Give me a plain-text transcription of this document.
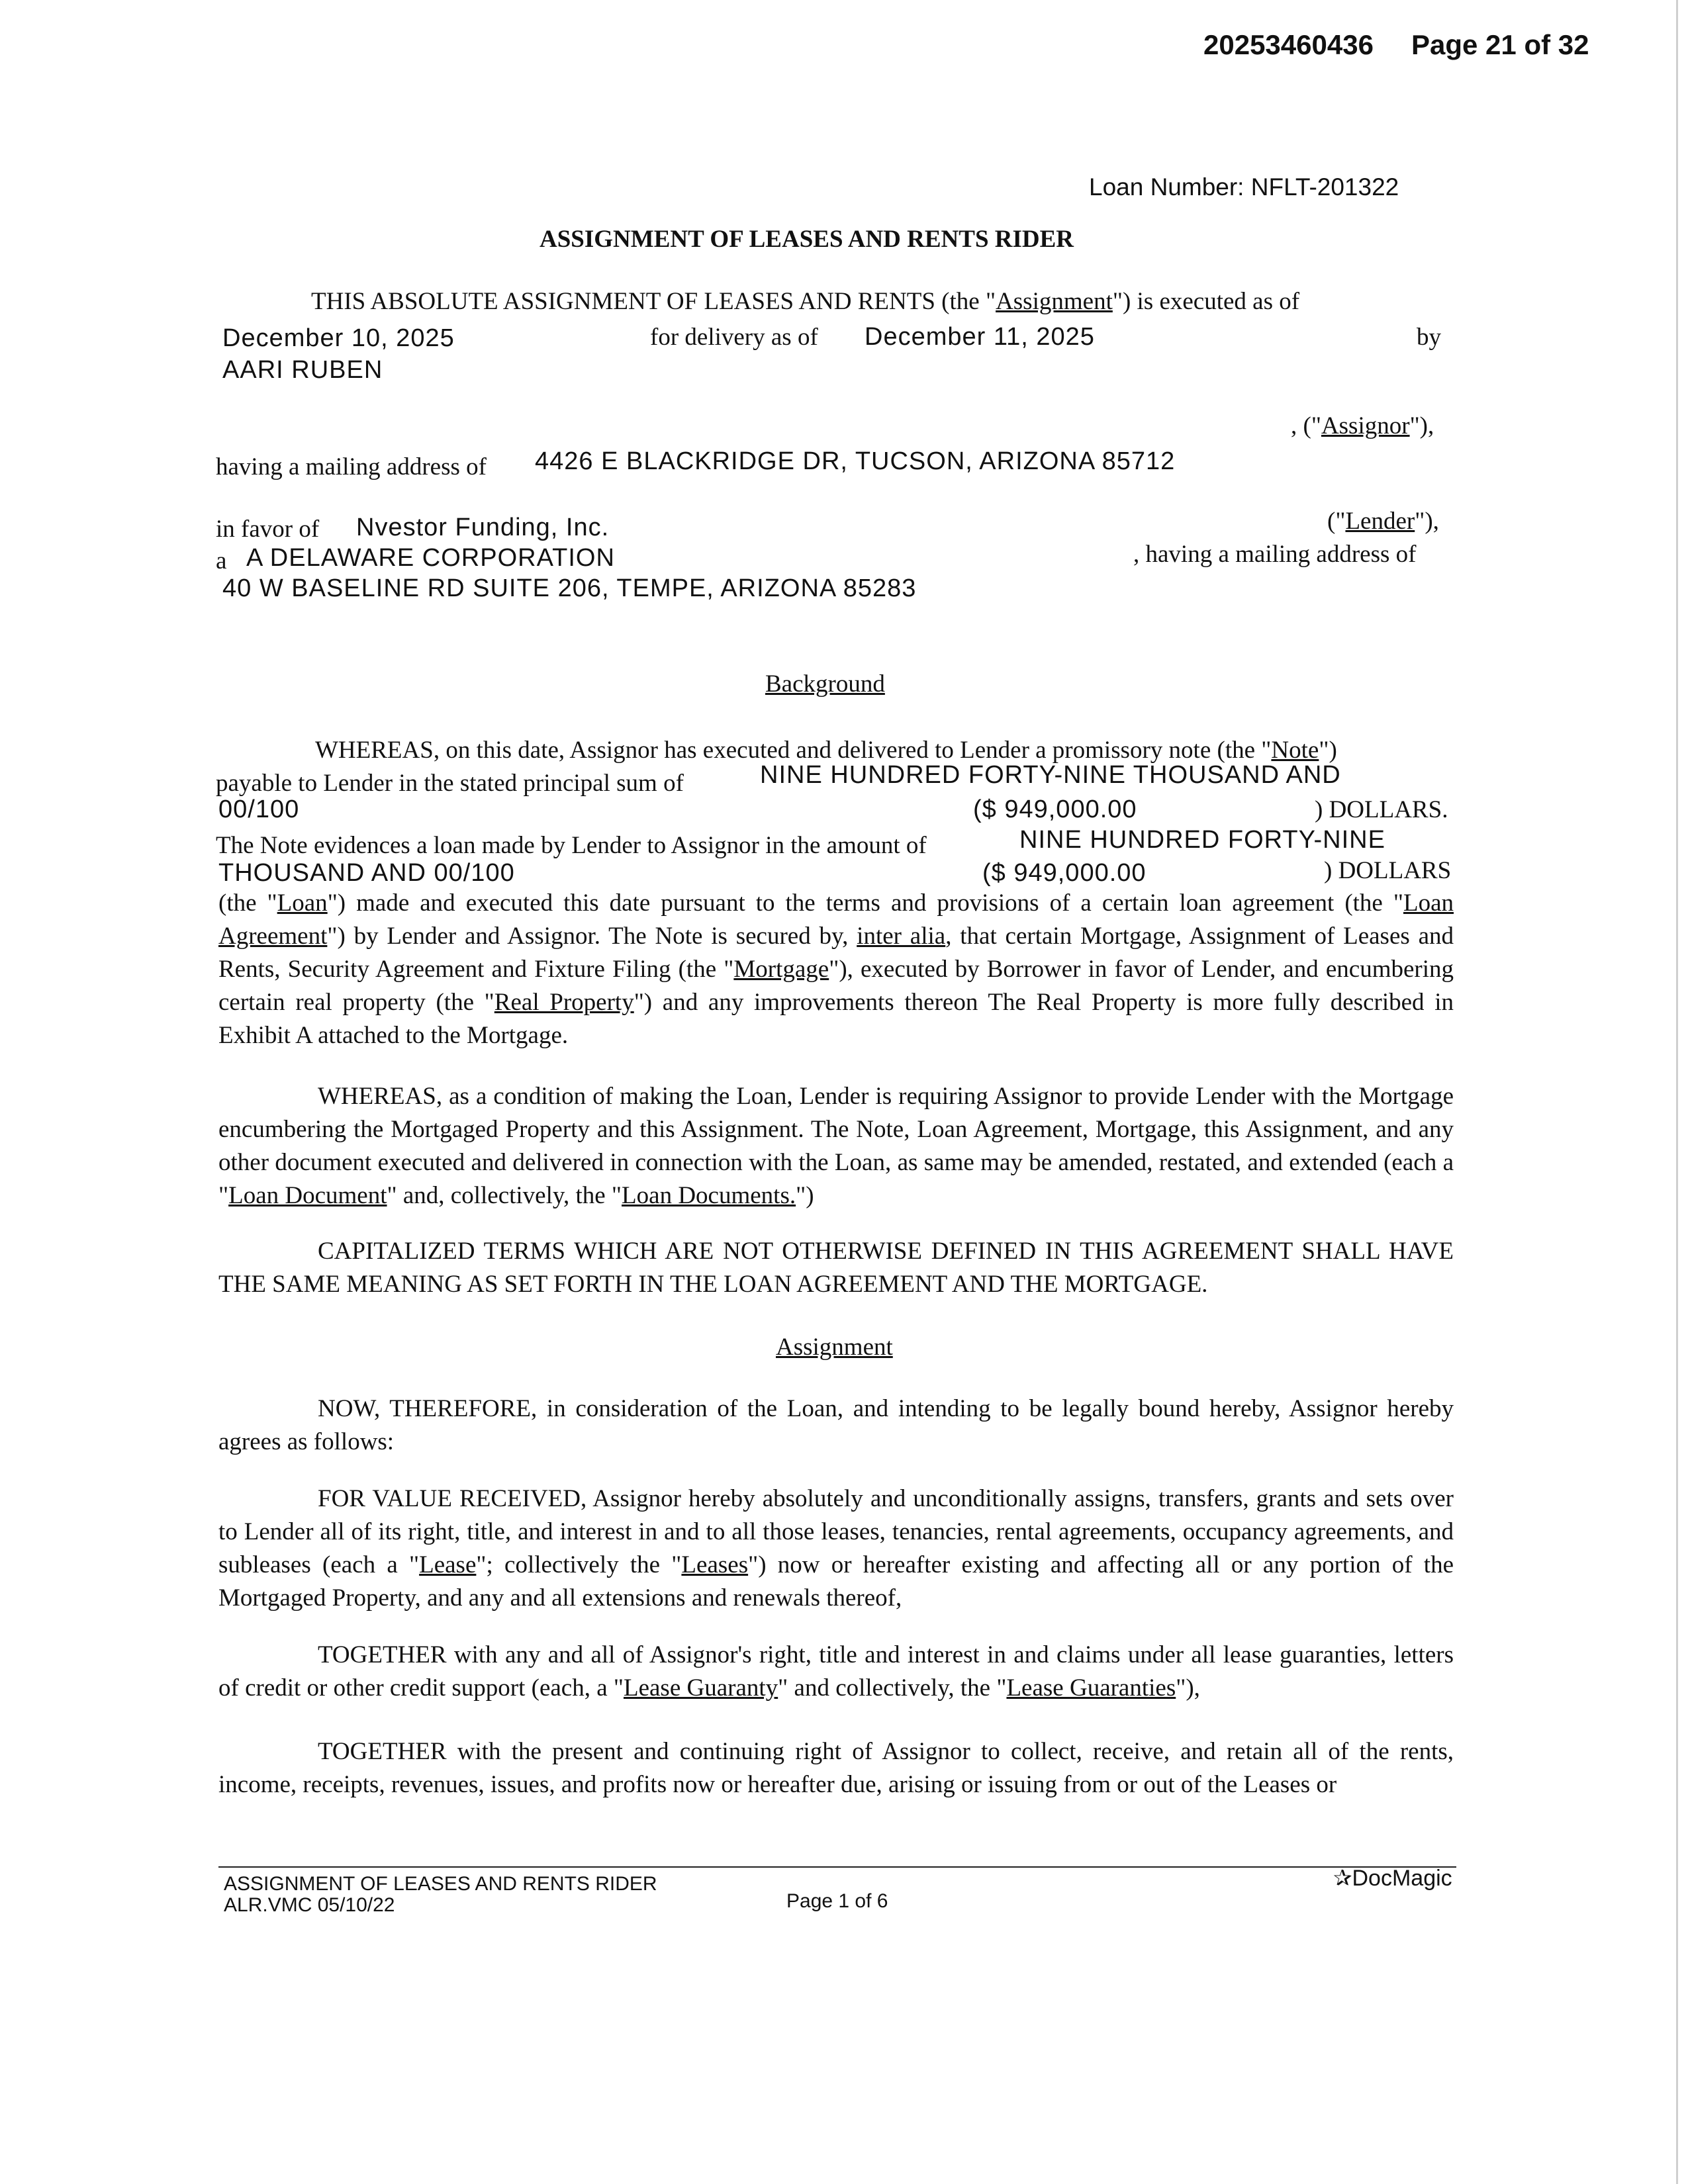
20253460436 Page 21 of 32
Loan Number: NFLT-201322
ASSIGNMENT OF LEASES AND RENTS RIDER
THIS ABSOLUTE ASSIGNMENT OF LEASES AND RENTS (the "Assignment") is executed as of
December 10, 2025	for delivery as of December 11, 2025	by
AARI RUBEN
, ("Assignor"),
having a mailing address of 4426 E BLACKRIDGE DR, TUCSON, ARIZONA 85712
in favor of Nvestor Funding, Inc.	("Lender"),
a A DELAWARE CORPORATION	, having a mailing address of
40 W BASELINE RD SUITE 206, TEMPE, ARIZONA 85283
Background
WHEREAS, on this date, Assignor has executed and delivered to Lender a promissory note (the "Note")
payable to Lender in the stated principal sum of	NINE HUNDRED FORTY-NINE THOUSAND AND
00/100	($ 949,000.00	) DOLLARS.
The Note evidences a loan made by Lender to Assignor in the amount of	NINE HUNDRED FORTY-NINE
THOUSAND AND 00/100	($ 949,000.00	) DOLLARS
(the "Loan") made and executed this date pursuant to the terms and provisions of a certain loan agreement (the "Loan Agreement") by Lender and Assignor. The Note is secured by, inter alia, that certain Mortgage, Assignment of Leases and Rents, Security Agreement and Fixture Filing (the "Mortgage"), executed by Borrower in favor of Lender, and encumbering certain real property (the "Real Property") and any improvements thereon The Real Property is more fully described in Exhibit A attached to the Mortgage.
WHEREAS, as a condition of making the Loan, Lender is requiring Assignor to provide Lender with the Mortgage encumbering the Mortgaged Property and this Assignment. The Note, Loan Agreement, Mortgage, this Assignment, and any other document executed and delivered in connection with the Loan, as same may be amended, restated, and extended (each a "Loan Document" and, collectively, the "Loan Documents.")
CAPITALIZED TERMS WHICH ARE NOT OTHERWISE DEFINED IN THIS AGREEMENT SHALL HAVE THE SAME MEANING AS SET FORTH IN THE LOAN AGREEMENT AND THE MORTGAGE.
Assignment
NOW, THEREFORE, in consideration of the Loan, and intending to be legally bound hereby, Assignor hereby agrees as follows:
FOR VALUE RECEIVED, Assignor hereby absolutely and unconditionally assigns, transfers, grants and sets over to Lender all of its right, title, and interest in and to all those leases, tenancies, rental agreements, occupancy agreements, and subleases (each a "Lease"; collectively the "Leases") now or hereafter existing and affecting all or any portion of the Mortgaged Property, and any and all extensions and renewals thereof,
TOGETHER with any and all of Assignor's right, title and interest in and claims under all lease guaranties, letters of credit or other credit support (each, a "Lease Guaranty" and collectively, the "Lease Guaranties"),
TOGETHER with the present and continuing right of Assignor to collect, receive, and retain all of the rents, income, receipts, revenues, issues, and profits now or hereafter due, arising or issuing from or out of the Leases or
ASSIGNMENT OF LEASES AND RENTS RIDER
ALR.VMC 05/10/22	Page 1 of 6
✰DocMagic
